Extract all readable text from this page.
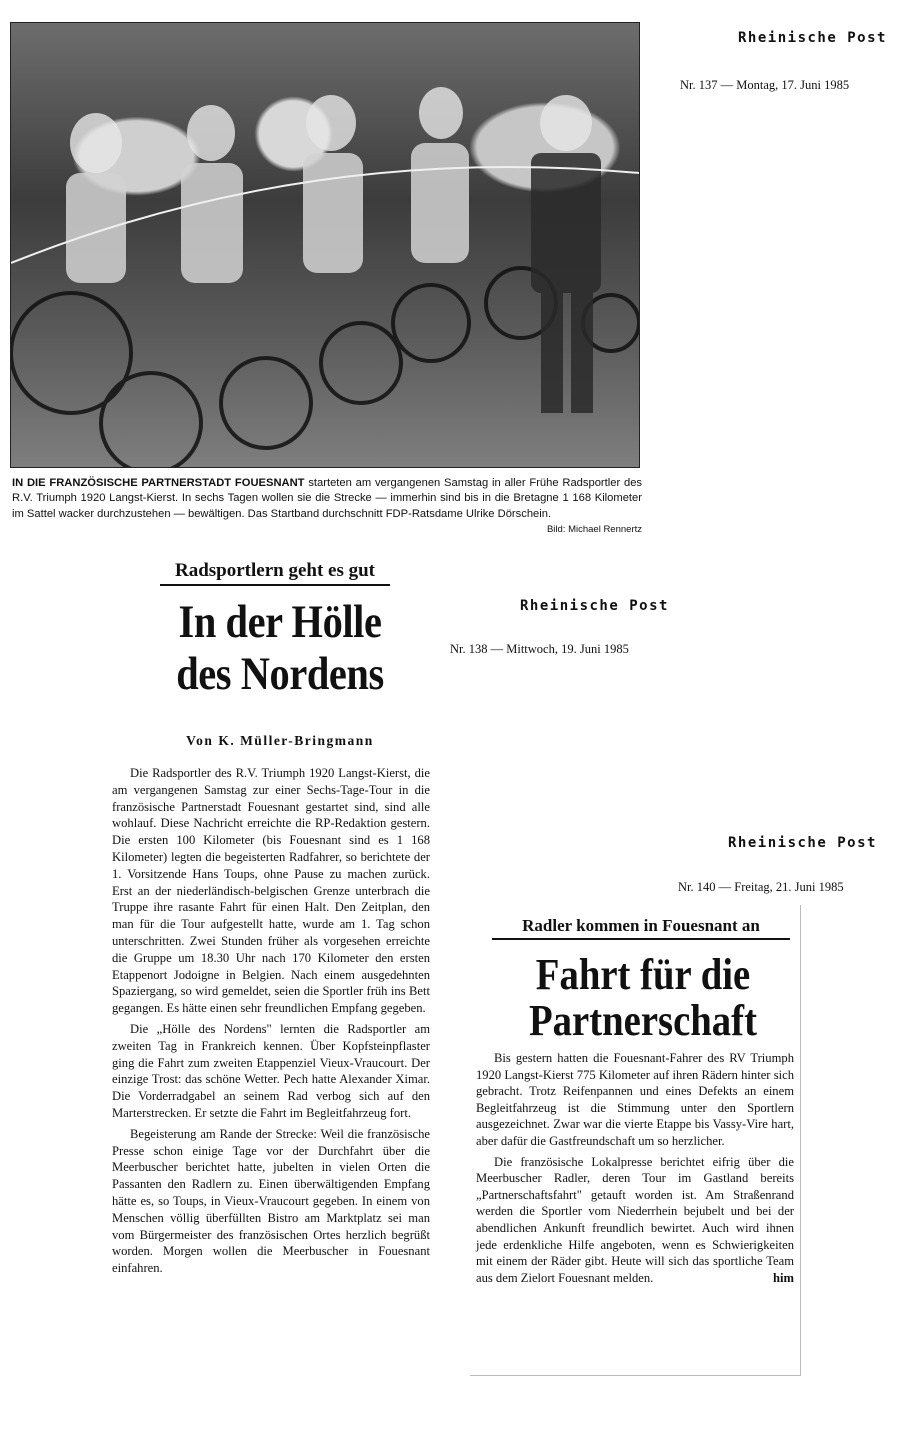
Rheinische Post
Nr. 137 — Montag, 17. Juni 1985
IN DIE FRANZÖSISCHE PARTNERSTADT FOUESNANT starteten am vergangenen Samstag in aller Frühe Radsportler des R.V. Triumph 1920 Langst-Kierst. In sechs Tagen wollen sie die Strecke — immerhin sind bis in die Bretagne 1 168 Kilometer im Sattel wacker durchzustehen — bewältigen. Das Startband durchschnitt FDP-Ratsdame Ulrike Dörschein.
Bild: Michael Rennertz
Radsportlern geht es gut
In der Hölle
des Nordens
Rheinische Post
Nr. 138 — Mittwoch, 19. Juni 1985
Von K. Müller-Bringmann

Die Radsportler des R.V. Triumph 1920 Langst-Kierst, die am vergangenen Samstag zur einer Sechs-Tage-Tour in die französische Partnerstadt Fouesnant gestartet sind, sind alle wohlauf. Diese Nachricht erreichte die RP-Redaktion gestern. Die ersten 100 Kilometer (bis Fouesnant sind es 1 168 Kilometer) legten die begeisterten Radfahrer, so berichtete der 1. Vorsitzende Hans Toups, ohne Pause zu machen zurück. Erst an der niederländisch-belgischen Grenze unterbrach die Truppe ihre rasante Fahrt für einen Halt. Den Zeitplan, den man für die Tour aufgestellt hatte, wurde am 1. Tag schon unterschritten. Zwei Stunden früher als vorgesehen erreichte die Gruppe um 18.30 Uhr nach 170 Kilometer den ersten Etappenort Jodoigne in Belgien. Nach einem ausgedehnten Spaziergang, so wird gemeldet, seien die Sportler früh ins Bett gegangen. Es hätte einen sehr freundlichen Empfang gegeben.

Die „Hölle des Nordens" lernten die Radsportler am zweiten Tag in Frankreich kennen. Über Kopfsteinpflaster ging die Fahrt zum zweiten Etappenziel Vieux-Vraucourt. Der einzige Trost: das schöne Wetter. Pech hatte Alexander Ximar. Die Vorderradgabel an seinem Rad verbog sich auf den Marterstrecken. Er setzte die Fahrt im Begleitfahrzeug fort.

Begeisterung am Rande der Strecke: Weil die französische Presse schon einige Tage vor der Durchfahrt über die Meerbuscher berichtet hatte, jubelten in vielen Orten die Passanten den Radlern zu. Einen überwältigenden Empfang hätte es, so Toups, in Vieux-Vraucourt gegeben. In einem von Menschen völlig überfüllten Bistro am Marktplatz sei man vom Bürgermeister des französischen Ortes herzlich begrüßt worden. Morgen wollen die Meerbuscher in Fouesnant einfahren.

Rheinische Post
Nr. 140 — Freitag, 21. Juni 1985
Radler kommen in Fouesnant an
Fahrt für die
Partnerschaft

Bis gestern hatten die Fouesnant-Fahrer des RV Triumph 1920 Langst-Kierst 775 Kilometer auf ihren Rädern hinter sich gebracht. Trotz Reifenpannen und eines Defekts an einem Begleitfahrzeug ist die Stimmung unter den Sportlern ausgezeichnet. Zwar war die vierte Etappe bis Vassy-Vire hart, aber dafür die Gastfreundschaft um so herzlicher.

Die französische Lokalpresse berichtet eifrig über die Meerbuscher Radler, deren Tour im Gastland bereits „Partnerschaftsfahrt" getauft worden ist. Am Straßenrand werden die Sportler vom Niederrhein bejubelt und bei der abendlichen Ankunft freundlich bewirtet. Auch wird ihnen jede erdenkliche Hilfe angeboten, wenn es Schwierigkeiten mit einem der Räder gibt. Heute will sich das sportliche Team aus dem Zielort Fouesnant melden.	him
